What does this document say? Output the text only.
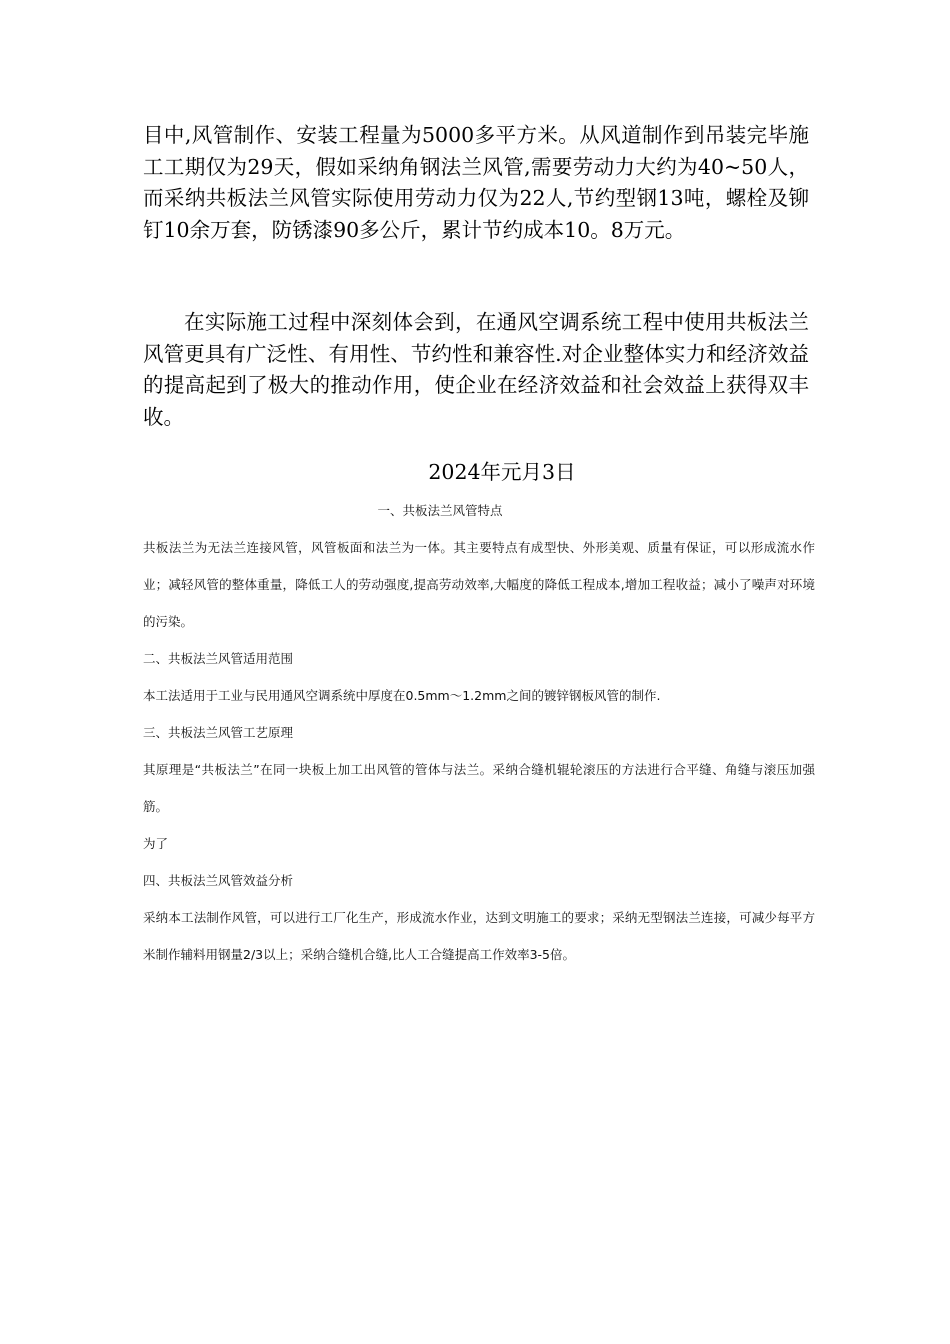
目中,风管制作、安装工程量为5000多平方米。从风道制作到吊装完毕施工工期仅为29天，假如采纳角钢法兰风管,需要劳动力大约为40~50人，而采纳共板法兰风管实际使用劳动力仅为22人,节约型钢13吨，螺栓及铆钉10余万套，防锈漆90多公斤，累计节约成本10。8万元。

在实际施工过程中深刻体会到，在通风空调系统工程中使用共板法兰风管更具有广泛性、有用性、节约性和兼容性.对企业整体实力和经济效益的提高起到了极大的推动作用，使企业在经济效益和社会效益上获得双丰收。

2024年元月3日

一、共板法兰风管特点

共板法兰为无法兰连接风管，风管板面和法兰为一体。其主要特点有成型快、外形美观、质量有保证，可以形成流水作业；减轻风管的整体重量，降低工人的劳动强度,提高劳动效率,大幅度的降低工程成本,增加工程收益；减小了噪声对环境的污染。

二、共板法兰风管适用范围

本工法适用于工业与民用通风空调系统中厚度在0.5mm～1.2mm之间的镀锌钢板风管的制作.

三、共板法兰风管工艺原理

其原理是“共板法兰”在同一块板上加工出风管的管体与法兰。采纳合缝机辊轮滚压的方法进行合平缝、角缝与滚压加强筋。

为了

四、共板法兰风管效益分析

采纳本工法制作风管，可以进行工厂化生产，形成流水作业，达到文明施工的要求；采纳无型钢法兰连接，可减少每平方米制作辅料用钢量2/3以上；采纳合缝机合缝,比人工合缝提高工作效率3-5倍。
